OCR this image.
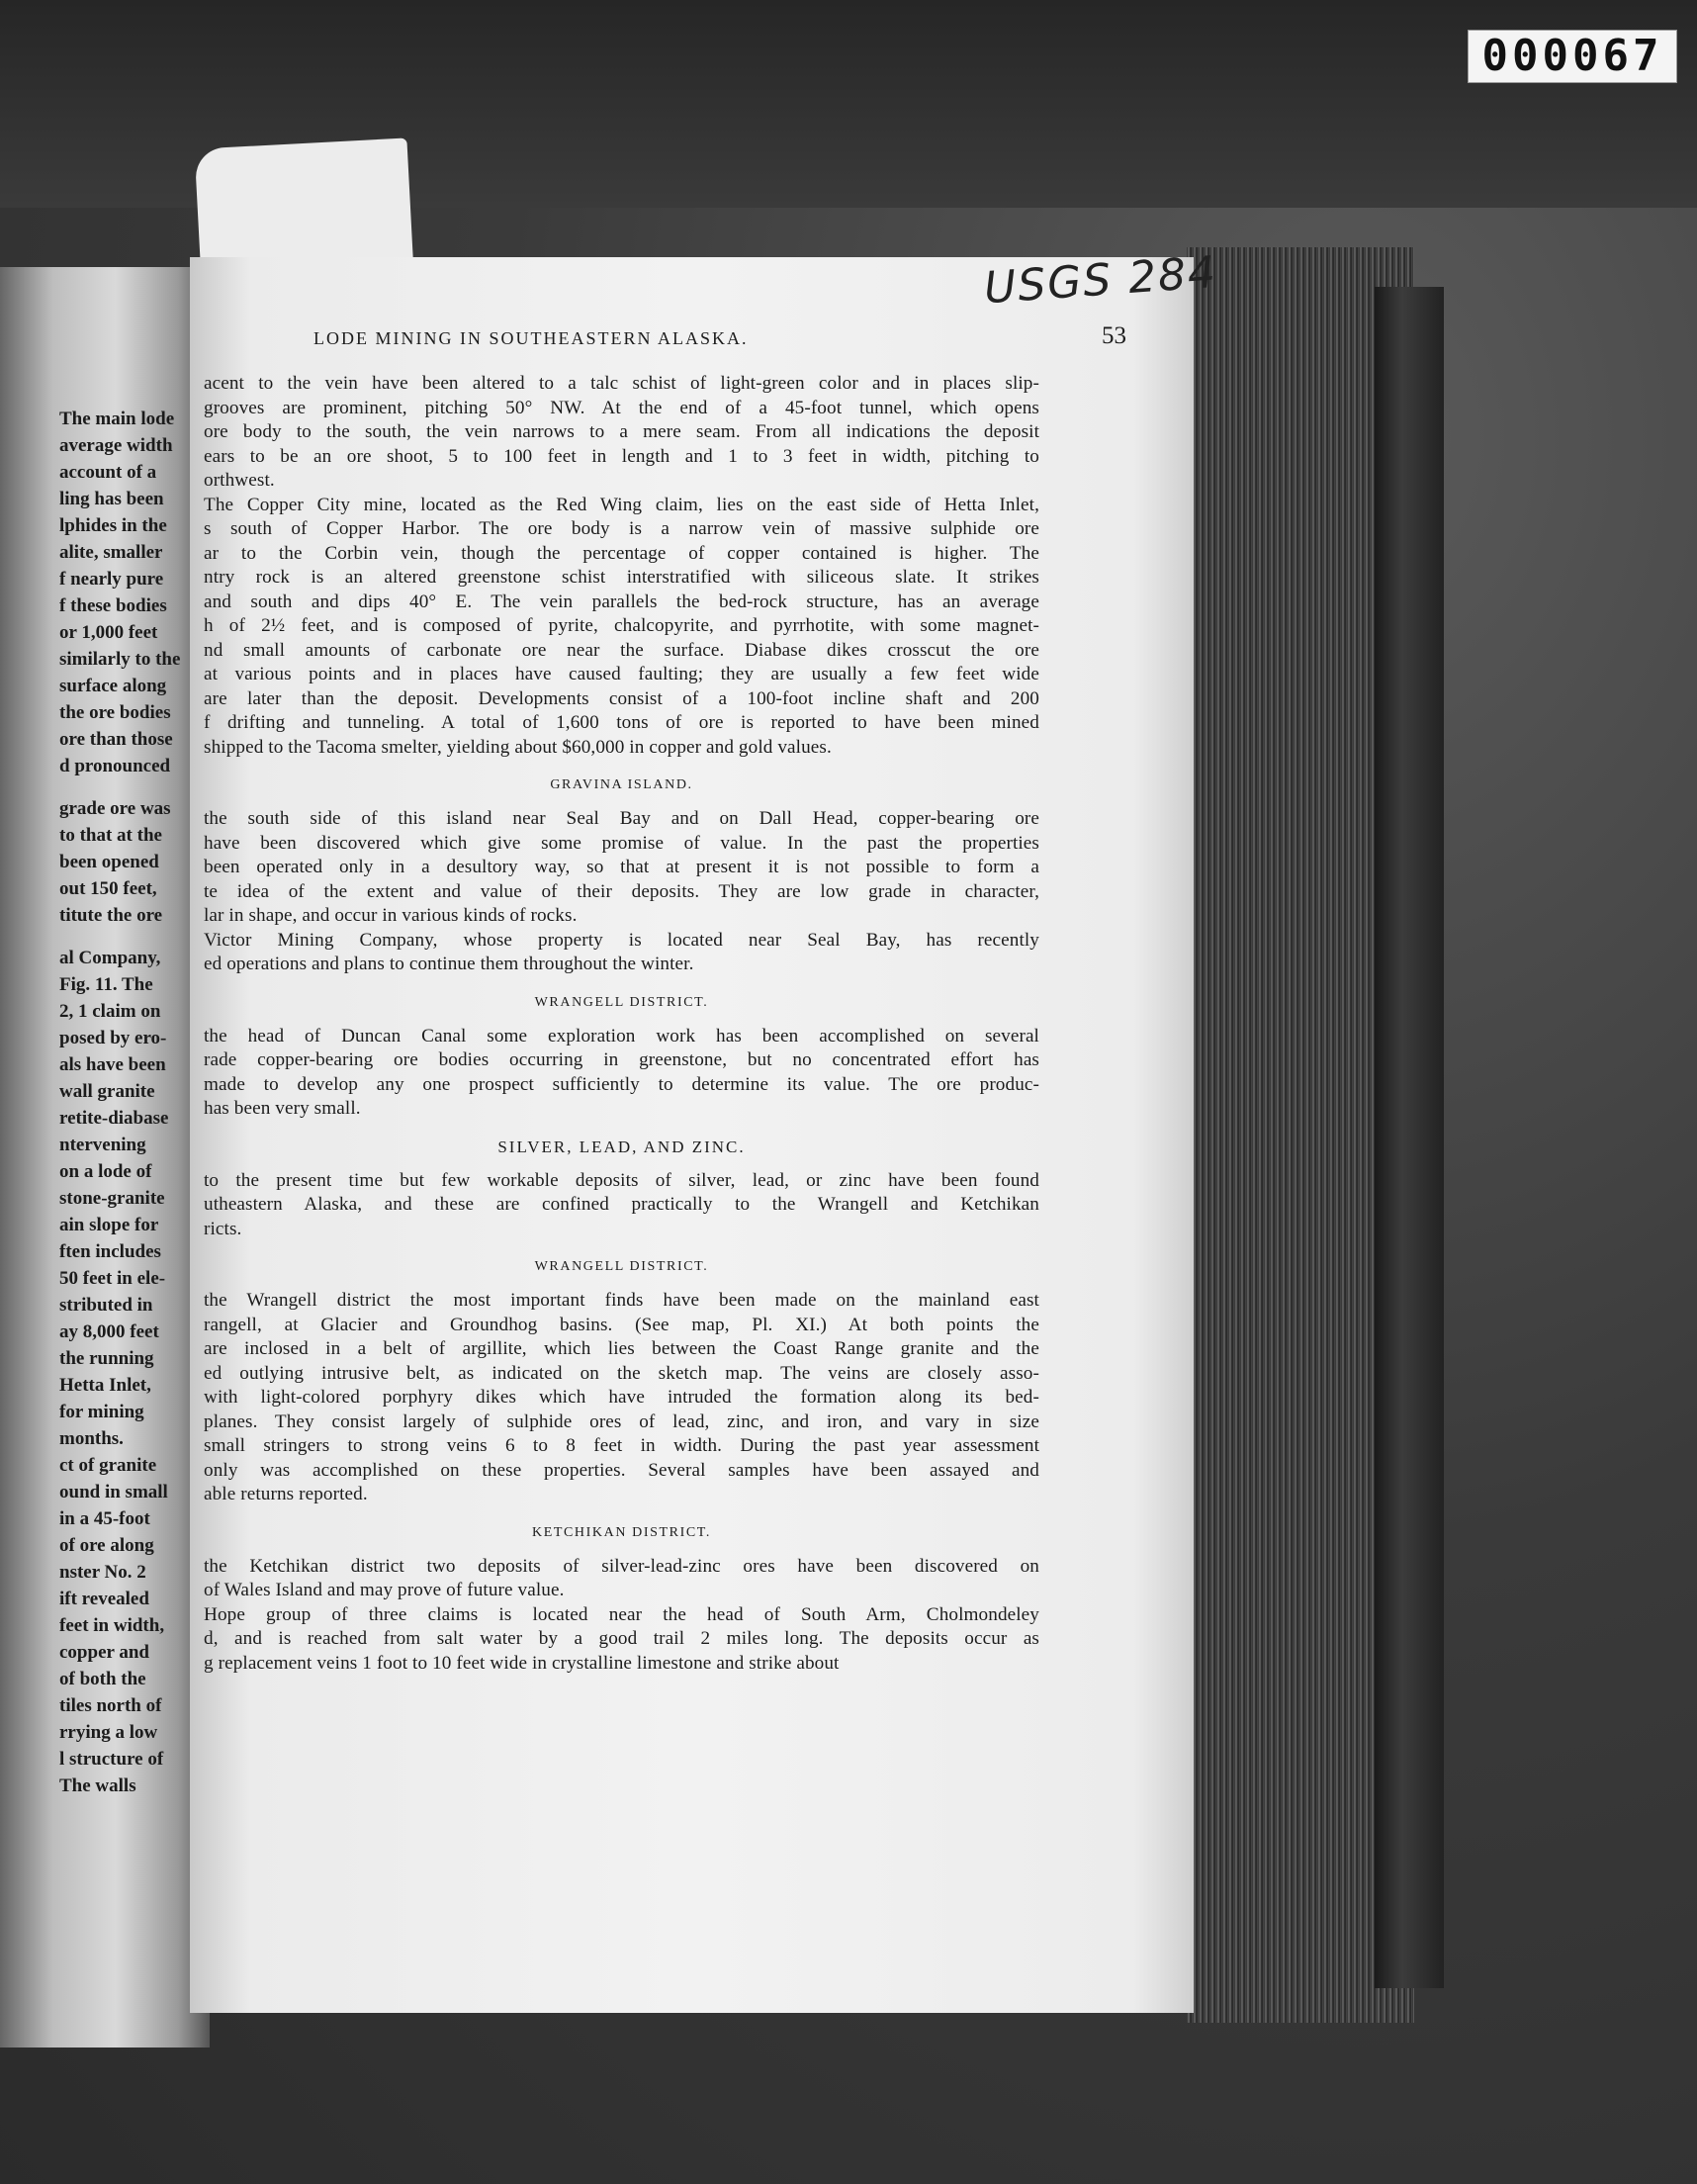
000067
The main lode
average width
account of a
ling has been
lphides in the
alite, smaller
f nearly pure
f these bodies
or 1,000 feet
similarly to the
surface along
the ore bodies
ore than those
d pronounced
grade ore was
to that at the
been opened
out 150 feet,
titute the ore
al Company,
Fig. 11. The
2, 1 claim on
posed by ero-
als have been
wall granite
retite-diabase
ntervening
on a lode of
stone-granite
ain slope for
ften includes
50 feet in ele-
stributed in
ay 8,000 feet
the running
Hetta Inlet,
for mining
months.
ct of granite
ound in small
in a 45-foot
of ore along
nster No. 2
ift revealed
feet in width,
copper and
of both the
tiles north of
rrying a low
l structure of
The walls
LODE MINING IN SOUTHEASTERN ALASKA.	53
acent to the vein have been altered to a talc schist of light-green color and in places slip-
grooves are prominent, pitching 50° NW. At the end of a 45-foot tunnel, which opens
ore body to the south, the vein narrows to a mere seam. From all indications the deposit
ears to be an ore shoot, 5 to 100 feet in length and 1 to 3 feet in width, pitching to
orthwest.
The Copper City mine, located as the Red Wing claim, lies on the east side of Hetta Inlet,
s south of Copper Harbor. The ore body is a narrow vein of massive sulphide ore
ar to the Corbin vein, though the percentage of copper contained is higher. The
ntry rock is an altered greenstone schist interstratified with siliceous slate. It strikes
and south and dips 40° E. The vein parallels the bed-rock structure, has an average
h of 2½ feet, and is composed of pyrite, chalcopyrite, and pyrrhotite, with some magnet-
nd small amounts of carbonate ore near the surface. Diabase dikes crosscut the ore
at various points and in places have caused faulting; they are usually a few feet wide
are later than the deposit. Developments consist of a 100-foot incline shaft and 200
f drifting and tunneling. A total of 1,600 tons of ore is reported to have been mined
shipped to the Tacoma smelter, yielding about $60,000 in copper and gold values.
GRAVINA ISLAND.
the south side of this island near Seal Bay and on Dall Head, copper-bearing ore
have been discovered which give some promise of value. In the past the properties
been operated only in a desultory way, so that at present it is not possible to form a
te idea of the extent and value of their deposits. They are low grade in character,
lar in shape, and occur in various kinds of rocks.
Victor Mining Company, whose property is located near Seal Bay, has recently
ed operations and plans to continue them throughout the winter.
WRANGELL DISTRICT.
the head of Duncan Canal some exploration work has been accomplished on several
rade copper-bearing ore bodies occurring in greenstone, but no concentrated effort has
made to develop any one prospect sufficiently to determine its value. The ore produc-
has been very small.
SILVER, LEAD, AND ZINC.
to the present time but few workable deposits of silver, lead, or zinc have been found
utheastern Alaska, and these are confined practically to the Wrangell and Ketchikan
ricts.
WRANGELL DISTRICT.
the Wrangell district the most important finds have been made on the mainland east
rangell, at Glacier and Groundhog basins. (See map, Pl. XI.) At both points the
are inclosed in a belt of argillite, which lies between the Coast Range granite and the
ed outlying intrusive belt, as indicated on the sketch map. The veins are closely asso-
with light-colored porphyry dikes which have intruded the formation along its bed-
planes. They consist largely of sulphide ores of lead, zinc, and iron, and vary in size
small stringers to strong veins 6 to 8 feet in width. During the past year assessment
only was accomplished on these properties. Several samples have been assayed and
able returns reported.
KETCHIKAN DISTRICT.
the Ketchikan district two deposits of silver-lead-zinc ores have been discovered on
of Wales Island and may prove of future value.
Hope group of three claims is located near the head of South Arm, Cholmondeley
d, and is reached from salt water by a good trail 2 miles long. The deposits occur as
g replacement veins 1 foot to 10 feet wide in crystalline limestone and strike about
USGS 284
